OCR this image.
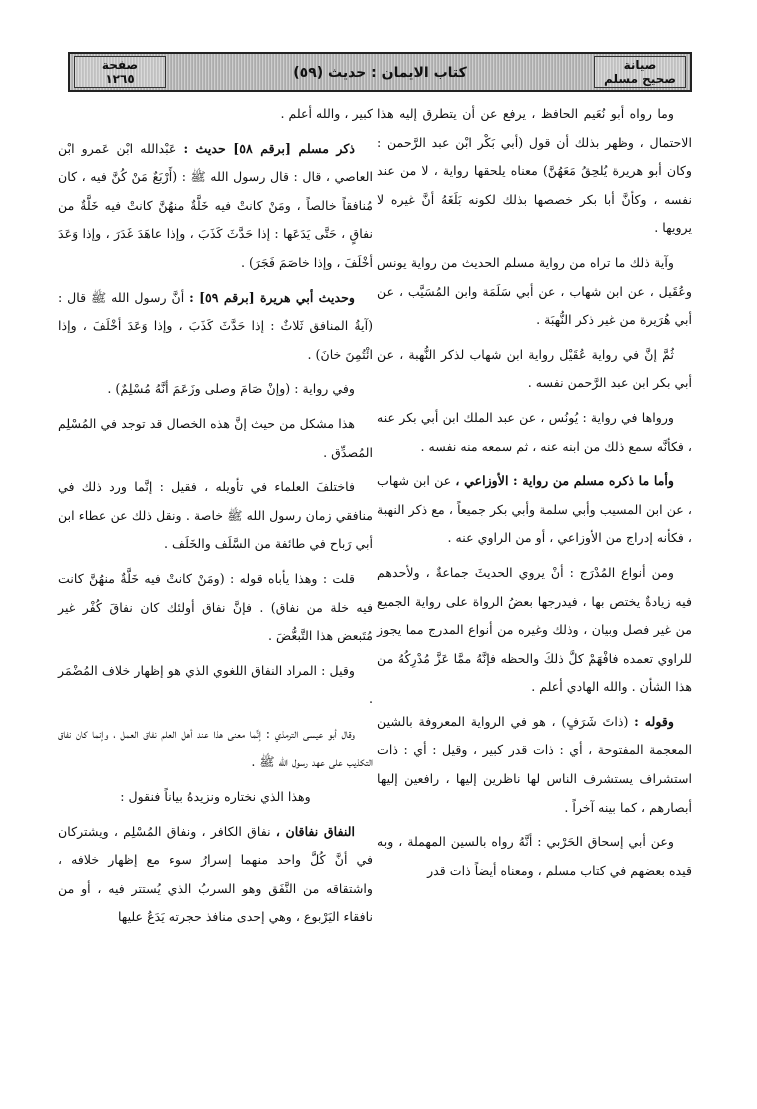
صفحة
١٢٦٥	كتاب الايمان : حديث (٥٩)	صيانة
صحيح مسلم

وما رواه أبو نُعَيم الحافظ ، يرفع عن أن يتطرق إليه هذا الاحتمال ، وظهر بذلك أن قول (أبي بَكْر ابْن عبد الرَّحمن : وكان أبو هريرة يُلحِقُ مَعَهُنَّ) معناه يلحقها رواية ، لا من عند نفسه ، وكأنَّ أبا بكر خصصها بذلك لكونه بَلَغَهُ أنَّ غيره لا يرويها .

وآية ذلك ما تراه من رواية مسلم الحديث من رواية يونس وعُقَيل ، عن ابن شهاب ، عن أبي سَلَمَة وابن المُسَيَّب ، عن أبي هُرَيرة من غير ذكر النُّهبَة .

ثُمَّ إنَّ في رواية عُقَيْل رواية ابن شهاب لذكر النُّهبة ، عن أبي بكر ابن عبد الرَّحمن نفسه .

ورواها في رواية : يُونُس ، عن عبد الملك ابن أبي بكر عنه ، فكأنَّه سمع ذلك من ابنه عنه ، ثم سمعه منه نفسه .

وأما ما ذكره مسلم من رواية : الأوزاعي ، عن ابن شهاب ، عن ابن المسيب وأبي سلمة وأبي بكر جميعاً ، مع ذكر النهبة ، فكأنه إدراج من الأوزاعي ، أو من الراوي عنه .

ومن أنواع المُدْرَج : أنْ يروي الحديثَ جماعةٌ ، ولأحدهم فيه زيادةٌ يختص بها ، فيدرجها بعضُ الرواة على رواية الجميع من غير فصل وبيان ، وذلك وغيره من أنواع المدرج مما يجوز للراوي تعمده فافْهَمْ كلَّ ذلكَ والحظه فإنَّهُ ممَّا عَزَّ مُدْرِكُهُ من هذا الشأن . والله الهادي أعلم .

وقوله : (ذاتَ شَرَفٍ) ، هو في الرواية المعروفة بالشين المعجمة المفتوحة ، أي : ذات قدر كبير ، وقيل : أي : ذات استشراف يستشرف الناس لها ناظرين إليها ، رافعين إليها أبصارهم ، كما بينه آخراً .

وعن أبي إسحاق الحَرْبي : أنَّهُ رواه بالسين المهملة ، وبه قيده بعضهم في كتاب مسلم ، ومعناه أيضاً ذات قدر

كبير ، والله أعلم .

ذكر مسلم [برقم ٥٨] حديث : عَبْدالله ابْن عَمرو ابْن العاصي ، قال : قال رسول الله ﷺ : (أَرْبَعٌ مَنْ كُنَّ فيه ، كان مُنافقاً خالصاً ، ومَنْ كانتْ فيه خَلَّةٌ منهُنَّ كانتْ فيه خَلَّةٌ من نفاقٍ ، حَتَّى يَدَعَها : إذا حَدَّثَ كَذَبَ ، وإذا عاهَدَ غَدَرَ ، وإذا وَعَدَ أخْلَفَ ، وإذا خاصَمَ فَجَرَ) .

وحديث أبي هريرة [برقم ٥٩] : أنَّ رسول الله ﷺ قال : (آيةُ المنافق ثَلاثٌ : إذا حَدَّثَ كَذَبَ ، وإذا وَعَدَ أخْلَفَ ، وإذا ائْتُمِنَ خانَ) .

وفي رواية : (وإنْ صَامَ وصلى وزَعَمَ أنَّهُ مُسْلِمٌ) .

هذا مشكل من حيث إنَّ هذه الخصال قد توجد في المُسْلِم المُصدِّق .

فاختلفَ العلماء في تأويله ، فقيل : إنَّما ورد ذلك في منافقي زمان رسول الله ﷺ خاصة . ونقل ذلك عن عطاء ابن أبي رَباح في طائفة من السَّلَف والخَلَف .

قلت : وهذا يأباه قوله : (ومَنْ كانتْ فيه خَلَّةٌ منهُنَّ كانت فيه خلة من نفاق) . فإنَّ نفاق أولئك كان نفاقَ كُفْر غير مُتَبعض هذا التَّبعُّضَ .

وقيل : المراد النفاق اللغوي الذي هو إظهار خلاف المُضْمَر .

وقال أبو عيسى الترمذي : إنَّما معنى هذا عند أهل العلم نفاق العمل ، وإنما كان نفاق التكذيب على عهد رسول الله ﷺ .

وهذا الذي نختاره ونزيدهُ بياناً فنقول :

النفاق نفاقان ، نفاق الكافر ، ونفاق المُسْلِم ، ويشتركان في أنَّ كُلَّ واحد منهما إسرارُ سوء مع إظهار خلافه ، واشتقاقه من النَّفَق وهو السربُ الذي يُستتر فيه ، أو من نافقاء اليَرْبوع ، وهي إحدى منافذ حجرته يَدَعُ عليها
